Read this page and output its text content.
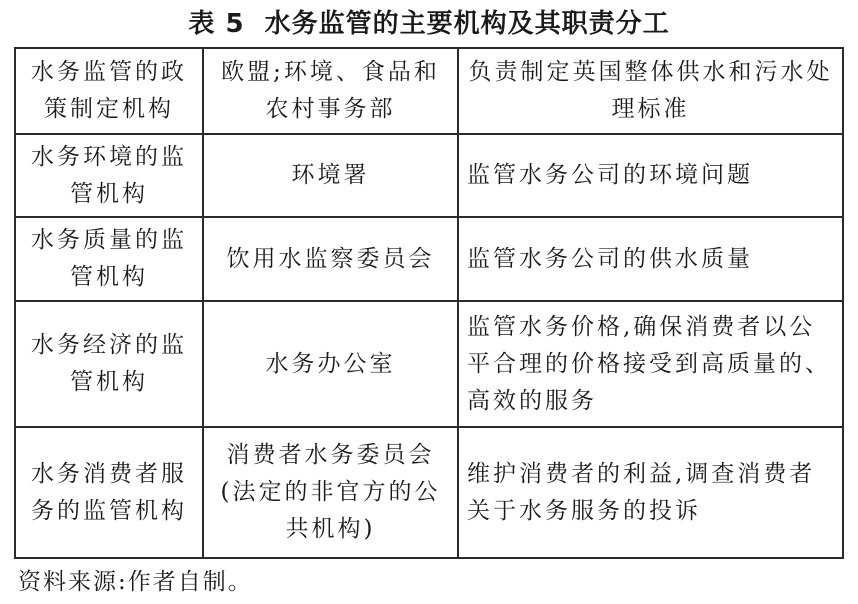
表 5 水务监管的主要机构及其职责分工
水务监管的政策制定机构	欧盟;环境、食品和农村事务部	负责制定英国整体供水和污水处理标准
水务环境的监管机构	环境署	监管水务公司的环境问题
水务质量的监管机构	饮用水监察委员会	监管水务公司的供水质量
水务经济的监管机构	水务办公室	监管水务价格,确保消费者以公平合理的价格接受到高质量的、高效的服务
水务消费者服务的监管机构	消费者水务委员会(法定的非官方的公共机构)	维护消费者的利益,调查消费者关于水务服务的投诉
资料来源:作者自制。
